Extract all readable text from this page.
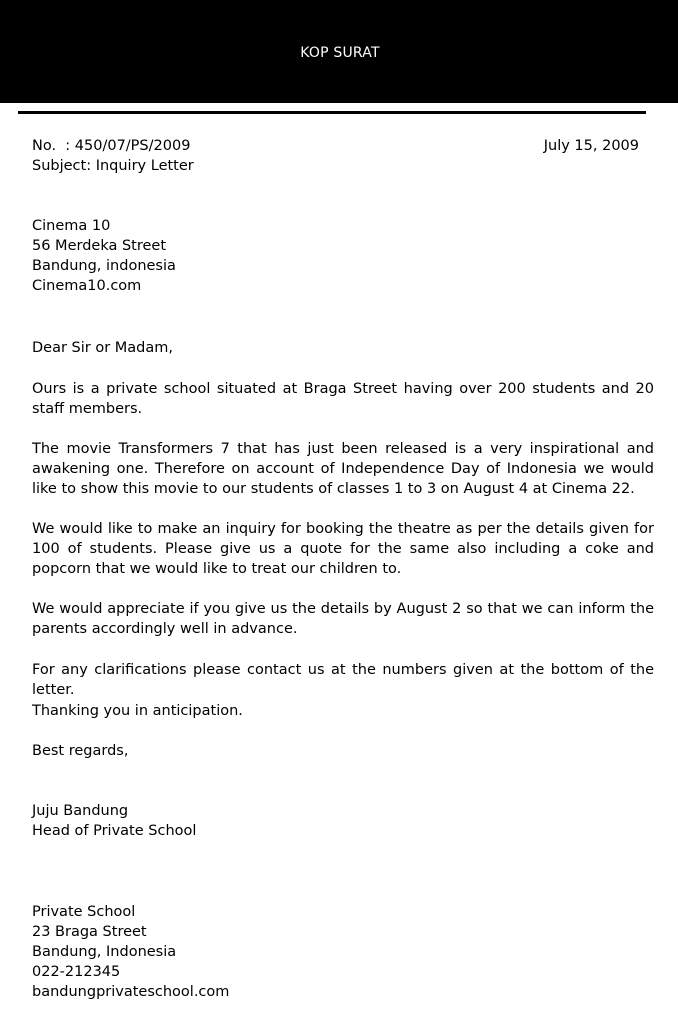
KOP SURAT
No.  : 450/07/PS/2009
Subject: Inquiry Letter
July 15, 2009
Cinema 10
56 Merdeka Street
Bandung, indonesia
Cinema10.com
Dear Sir or Madam,
Ours is a private school situated at Braga Street having over 200 students and 20 staff members.
The movie Transformers 7 that has just been released is a very inspirational and awakening one. Therefore on account of Independence Day of Indonesia we would like to show this movie to our students of classes 1 to 3 on August 4 at Cinema 22.
We would like to make an inquiry for booking the theatre as per the details given for 100 of students. Please give us a quote for the same also including a coke and popcorn that we would like to treat our children to.
We would appreciate if you give us the details by August 2 so that we can inform the parents accordingly well in advance.
For any clarifications please contact us at the numbers given at the bottom of the letter.
Thanking you in anticipation.
Best regards,
Juju Bandung
Head of Private School
Private School
23 Braga Street
Bandung, Indonesia
022-212345
bandungprivateschool.com
